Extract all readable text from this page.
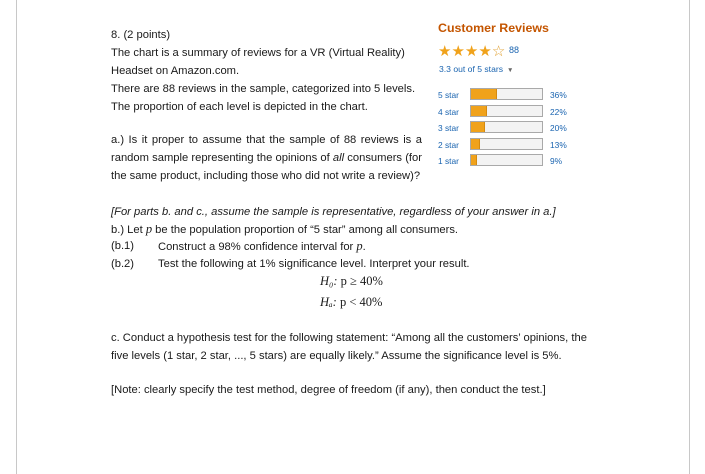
8. (2 points)
The chart is a summary of reviews for a VR (Virtual Reality)
Headset on Amazon.com.
There are 88 reviews in the sample, categorized into 5 levels.
The proportion of each level is depicted in the chart.
a.) Is it proper to assume that the sample of 88 reviews is a
random sample representing the opinions of all consumers (for
the same product, including those who did not write a review)?
[For parts b. and c., assume the sample is representative, regardless of your answer in a.]
b.) Let p be the population proportion of “5 star” among all consumers.
(b.1) Construct a 98% confidence interval for p.
(b.2) Test the following at 1% significance level. Interpret your result.
H₀: p ≥ 40%
Hₐ: p < 40%
c. Conduct a hypothesis test for the following statement: “Among all the customers’ opinions, the
five levels (1 star, 2 star, ..., 5 stars) are equally likely.” Assume the significance level is 5%.
[Note: clearly specify the test method, degree of freedom (if any), then conduct the test.]
Customer Reviews
★ ★ ★ ★ ☆ 88
3.3 out of 5 stars ▼
5 star	36%
4 star	22%
3 star	20%
2 star	13%
1 star	9%
